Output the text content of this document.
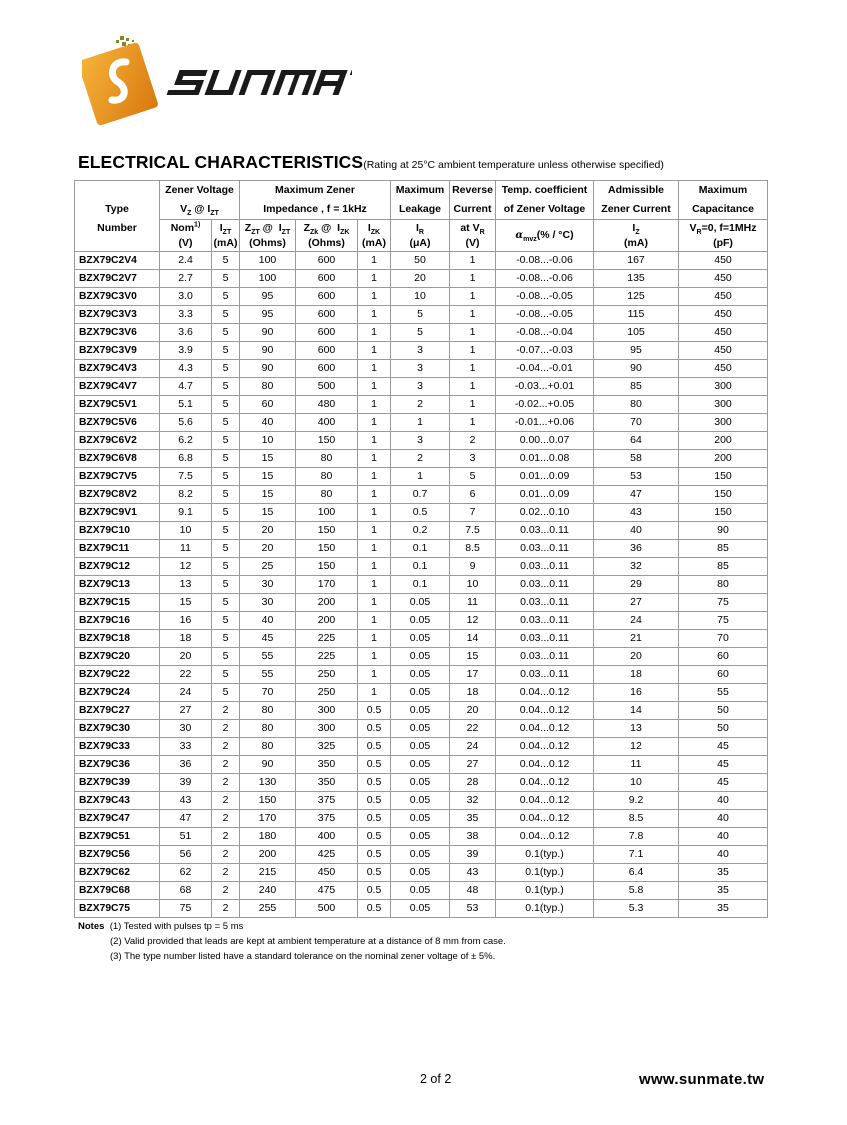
ELECTRICAL CHARACTERISTICS(Rating at 25°C ambient temperature unless otherwise specified)
	Zener Voltage		Maximum Zener			Maximum	Reverse	Temp. coefficient	Admissible	Maximum
Type	$V_Z$ @ $I_{ZT}$		Impedance , f = 1kHz			Leakage	Current	of Zener Voltage	Zener Current	Capacitance
Number	Nom$^{1)}$	$I_{ZT}$	$Z_{ZT}$ @  $I_{ZT}$	$Z_{Zk}$ @  $I_{ZK}$	$I_{ZK}$	$I_R$	at $V_R$	$\alpha_{mvz}(\% / ^\circ C)$	$I_Z$	$V_R=0$, f=1MHz
	(V)	(mA)	(Ohms)	(Ohms)	(mA)	(μA)	(V)		(mA)	(pF)
BZX79C2V4	2.4	5	100	600	1	50	1	-0.08...-0.06	167	450
BZX79C2V7	2.7	5	100	600	1	20	1	-0.08...-0.06	135	450
BZX79C3V0	3.0	5	95	600	1	10	1	-0.08...-0.05	125	450
BZX79C3V3	3.3	5	95	600	1	5	1	-0.08...-0.05	115	450
BZX79C3V6	3.6	5	90	600	1	5	1	-0.08...-0.04	105	450
BZX79C3V9	3.9	5	90	600	1	3	1	-0.07...-0.03	95	450
BZX79C4V3	4.3	5	90	600	1	3	1	-0.04...-0.01	90	450
BZX79C4V7	4.7	5	80	500	1	3	1	-0.03...+0.01	85	300
BZX79C5V1	5.1	5	60	480	1	2	1	-0.02...+0.05	80	300
BZX79C5V6	5.6	5	40	400	1	1	1	-0.01...+0.06	70	300
BZX79C6V2	6.2	5	10	150	1	3	2	0.00...0.07	64	200
BZX79C6V8	6.8	5	15	80	1	2	3	0.01...0.08	58	200
BZX79C7V5	7.5	5	15	80	1	1	5	0.01...0.09	53	150
BZX79C8V2	8.2	5	15	80	1	0.7	6	0.01...0.09	47	150
BZX79C9V1	9.1	5	15	100	1	0.5	7	0.02...0.10	43	150
BZX79C10	10	5	20	150	1	0.2	7.5	0.03...0.11	40	90
BZX79C11	11	5	20	150	1	0.1	8.5	0.03...0.11	36	85
BZX79C12	12	5	25	150	1	0.1	9	0.03...0.11	32	85
BZX79C13	13	5	30	170	1	0.1	10	0.03...0.11	29	80
BZX79C15	15	5	30	200	1	0.05	11	0.03...0.11	27	75
BZX79C16	16	5	40	200	1	0.05	12	0.03...0.11	24	75
BZX79C18	18	5	45	225	1	0.05	14	0.03...0.11	21	70
BZX79C20	20	5	55	225	1	0.05	15	0.03...0.11	20	60
BZX79C22	22	5	55	250	1	0.05	17	0.03...0.11	18	60
BZX79C24	24	5	70	250	1	0.05	18	0.04...0.12	16	55
BZX79C27	27	2	80	300	0.5	0.05	20	0.04...0.12	14	50
BZX79C30	30	2	80	300	0.5	0.05	22	0.04...0.12	13	50
BZX79C33	33	2	80	325	0.5	0.05	24	0.04...0.12	12	45
BZX79C36	36	2	90	350	0.5	0.05	27	0.04...0.12	11	45
BZX79C39	39	2	130	350	0.5	0.05	28	0.04...0.12	10	45
BZX79C43	43	2	150	375	0.5	0.05	32	0.04...0.12	9.2	40
BZX79C47	47	2	170	375	0.5	0.05	35	0.04...0.12	8.5	40
BZX79C51	51	2	180	400	0.5	0.05	38	0.04...0.12	7.8	40
BZX79C56	56	2	200	425	0.5	0.05	39	0.1(typ.)	7.1	40
BZX79C62	62	2	215	450	0.5	0.05	43	0.1(typ.)	6.4	35
BZX79C68	68	2	240	475	0.5	0.05	48	0.1(typ.)	5.8	35
BZX79C75	75	2	255	500	0.5	0.05	53	0.1(typ.)	5.3	35
Notes (1) Tested with pulses tp = 5 ms
(2) Valid provided that leads are kept at ambient temperature at a distance of 8 mm from case.
(3) The type number listed have a standard tolerance on the nominal zener voltage of ± 5%.
2 of 2	www.sunmate.tw
